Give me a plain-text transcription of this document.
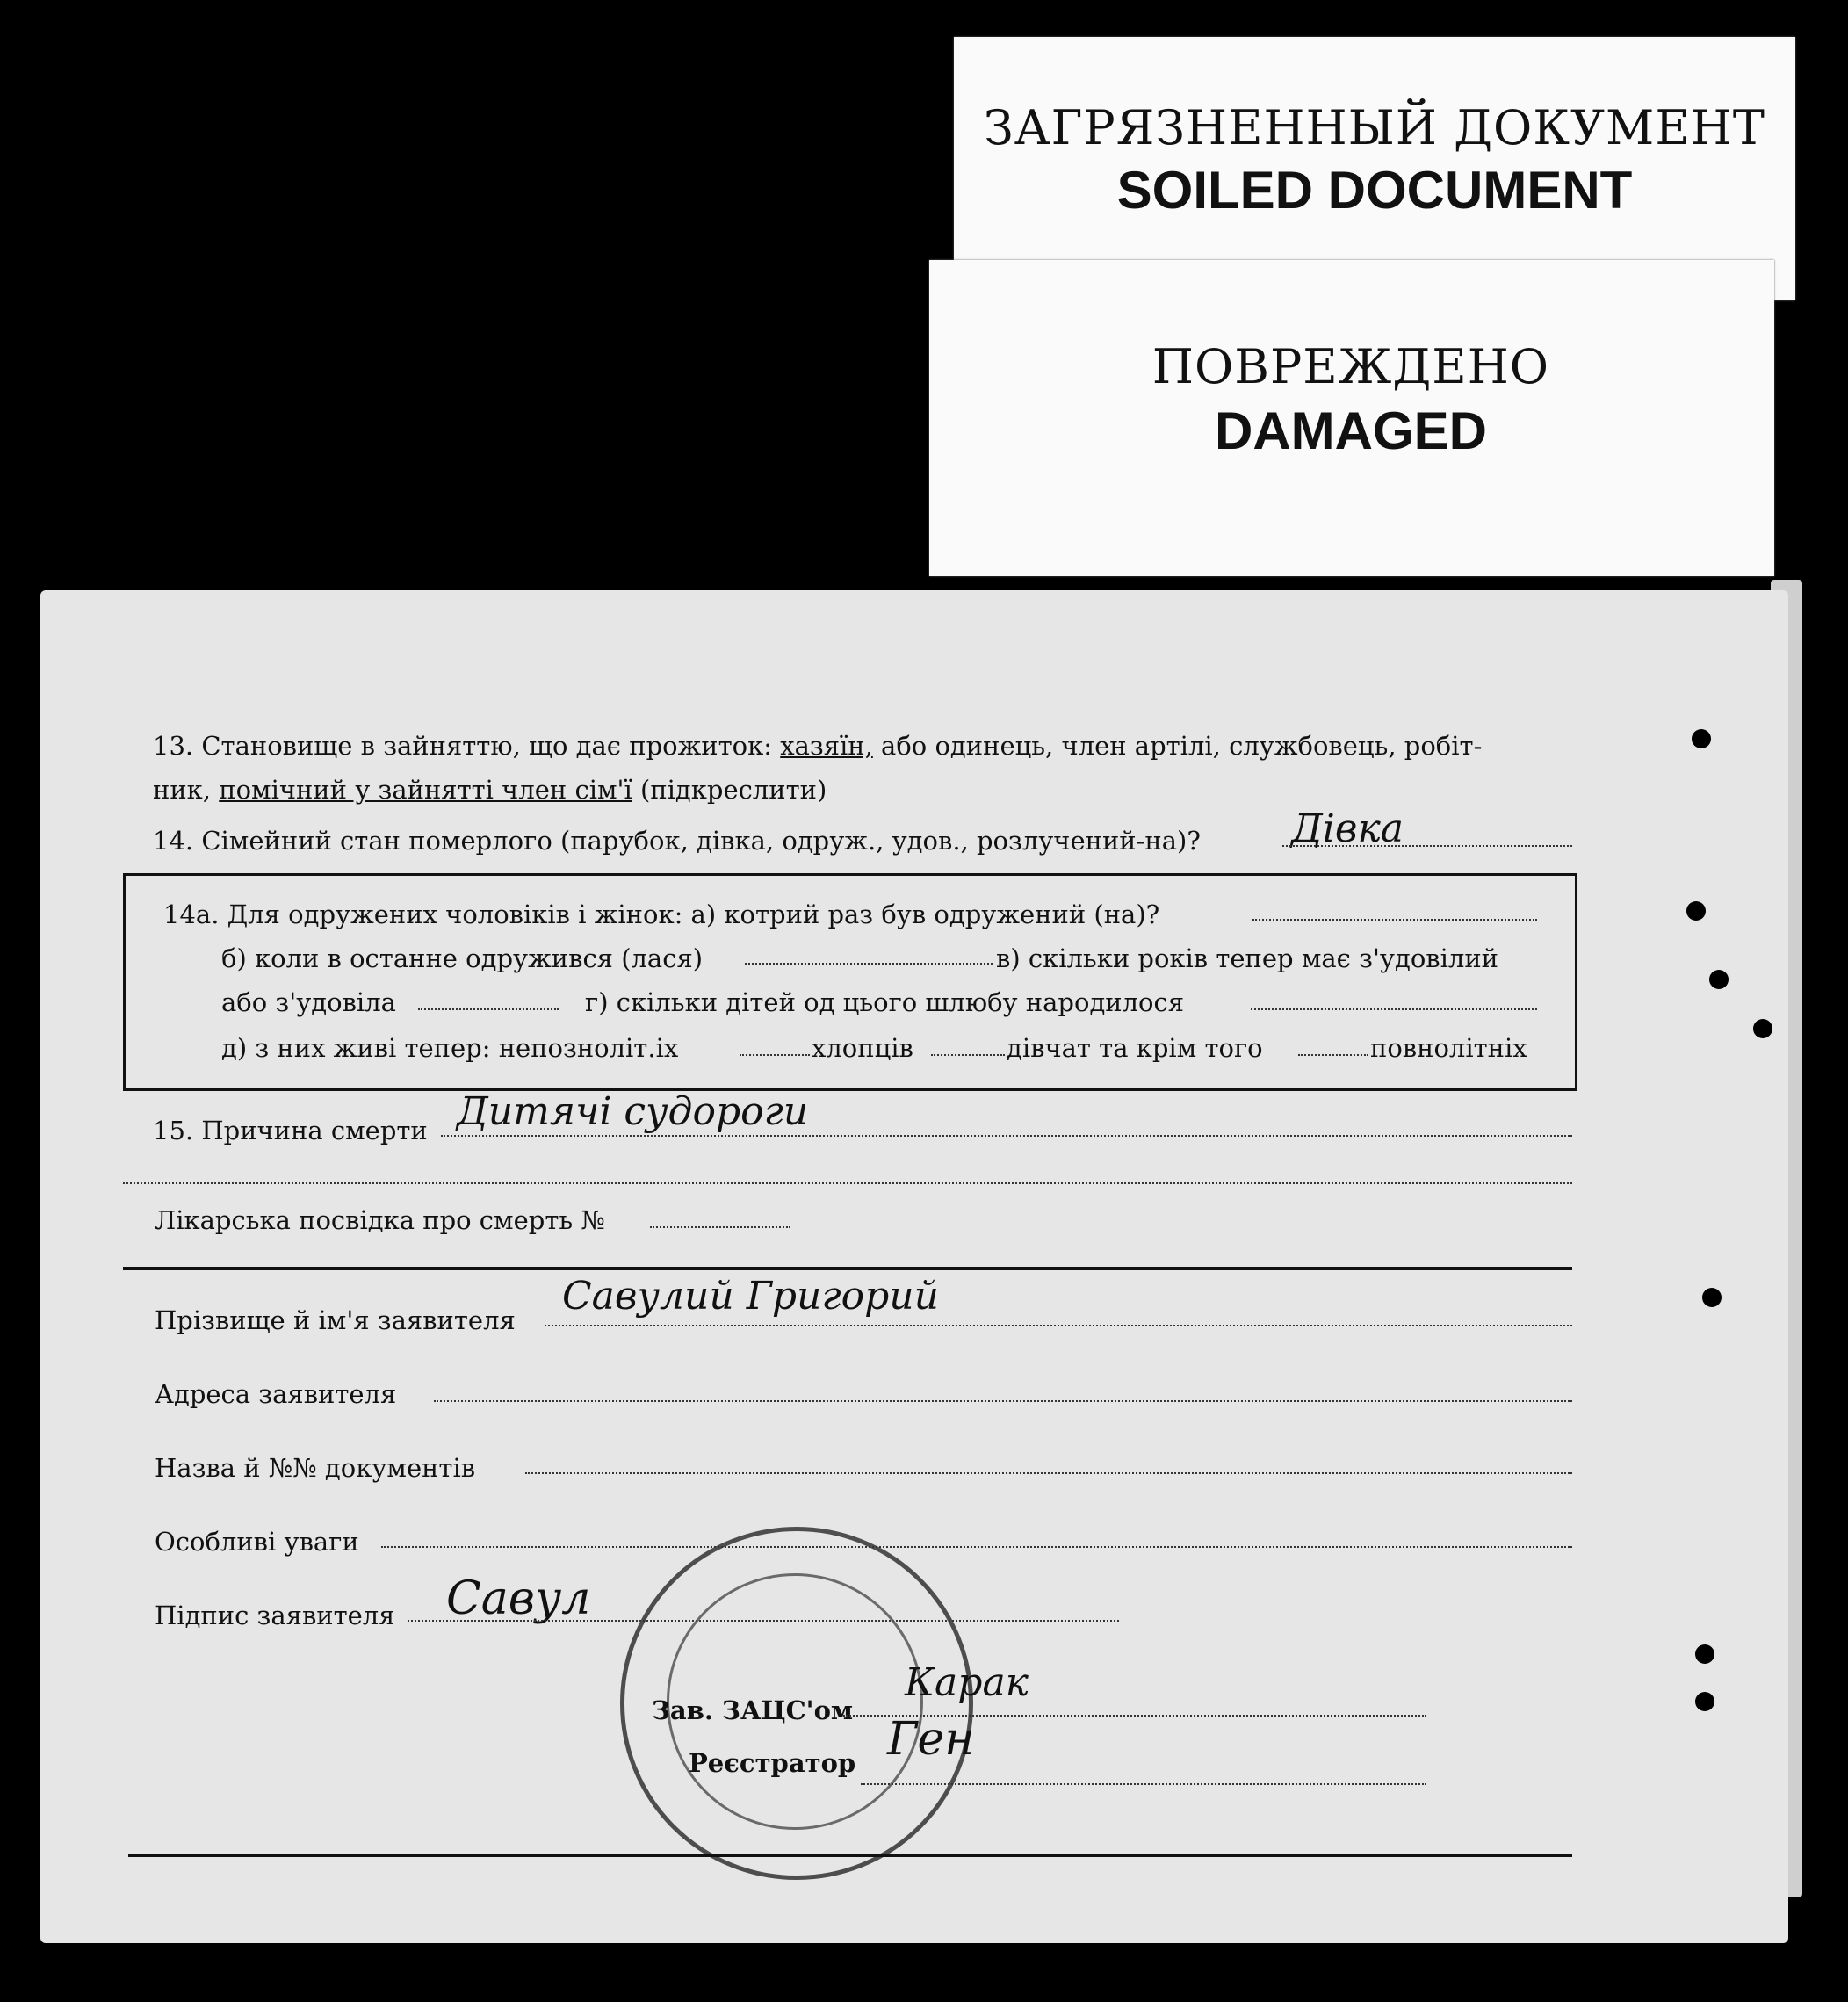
ЗАГРЯЗНЕННЫЙ ДОКУМЕНТ
SOILED DOCUMENT
ПОВРЕЖДЕНО
DAMAGED
13. Становище в зайняттю, що дає прожиток: хазяїн, або одинець, член артілі, службовець, робіт-
ник, помічний у зайнятті член сім'ї (підкреслити)
14. Сімейний стан померлого (парубок, дівка, одруж., удов., розлучений-на)? Дівка
14а. Для одружених чоловіків і жінок: а) котрий раз був одружений (на)?
б) коли в останне одружився (лася)	в) скільки років тепер має з'удовілий
або з'удовіла	г) скільки дітей од цього шлюбу народилося
д) з них живі тепер: непозноліт.іх	хлопців	дівчат та крім того	повнолітніх
15. Причина смерти Дитячі судороги
Лікарська посвідка про смерть №
Прізвище й ім'я заявителя
Савулий Григорий
Адреса заявителя
Назва й №№ документів
Особливі уваги
Підпис заявителя Савул
Зав. ЗАЦС'ом
Карак
Реєстратор Ген
